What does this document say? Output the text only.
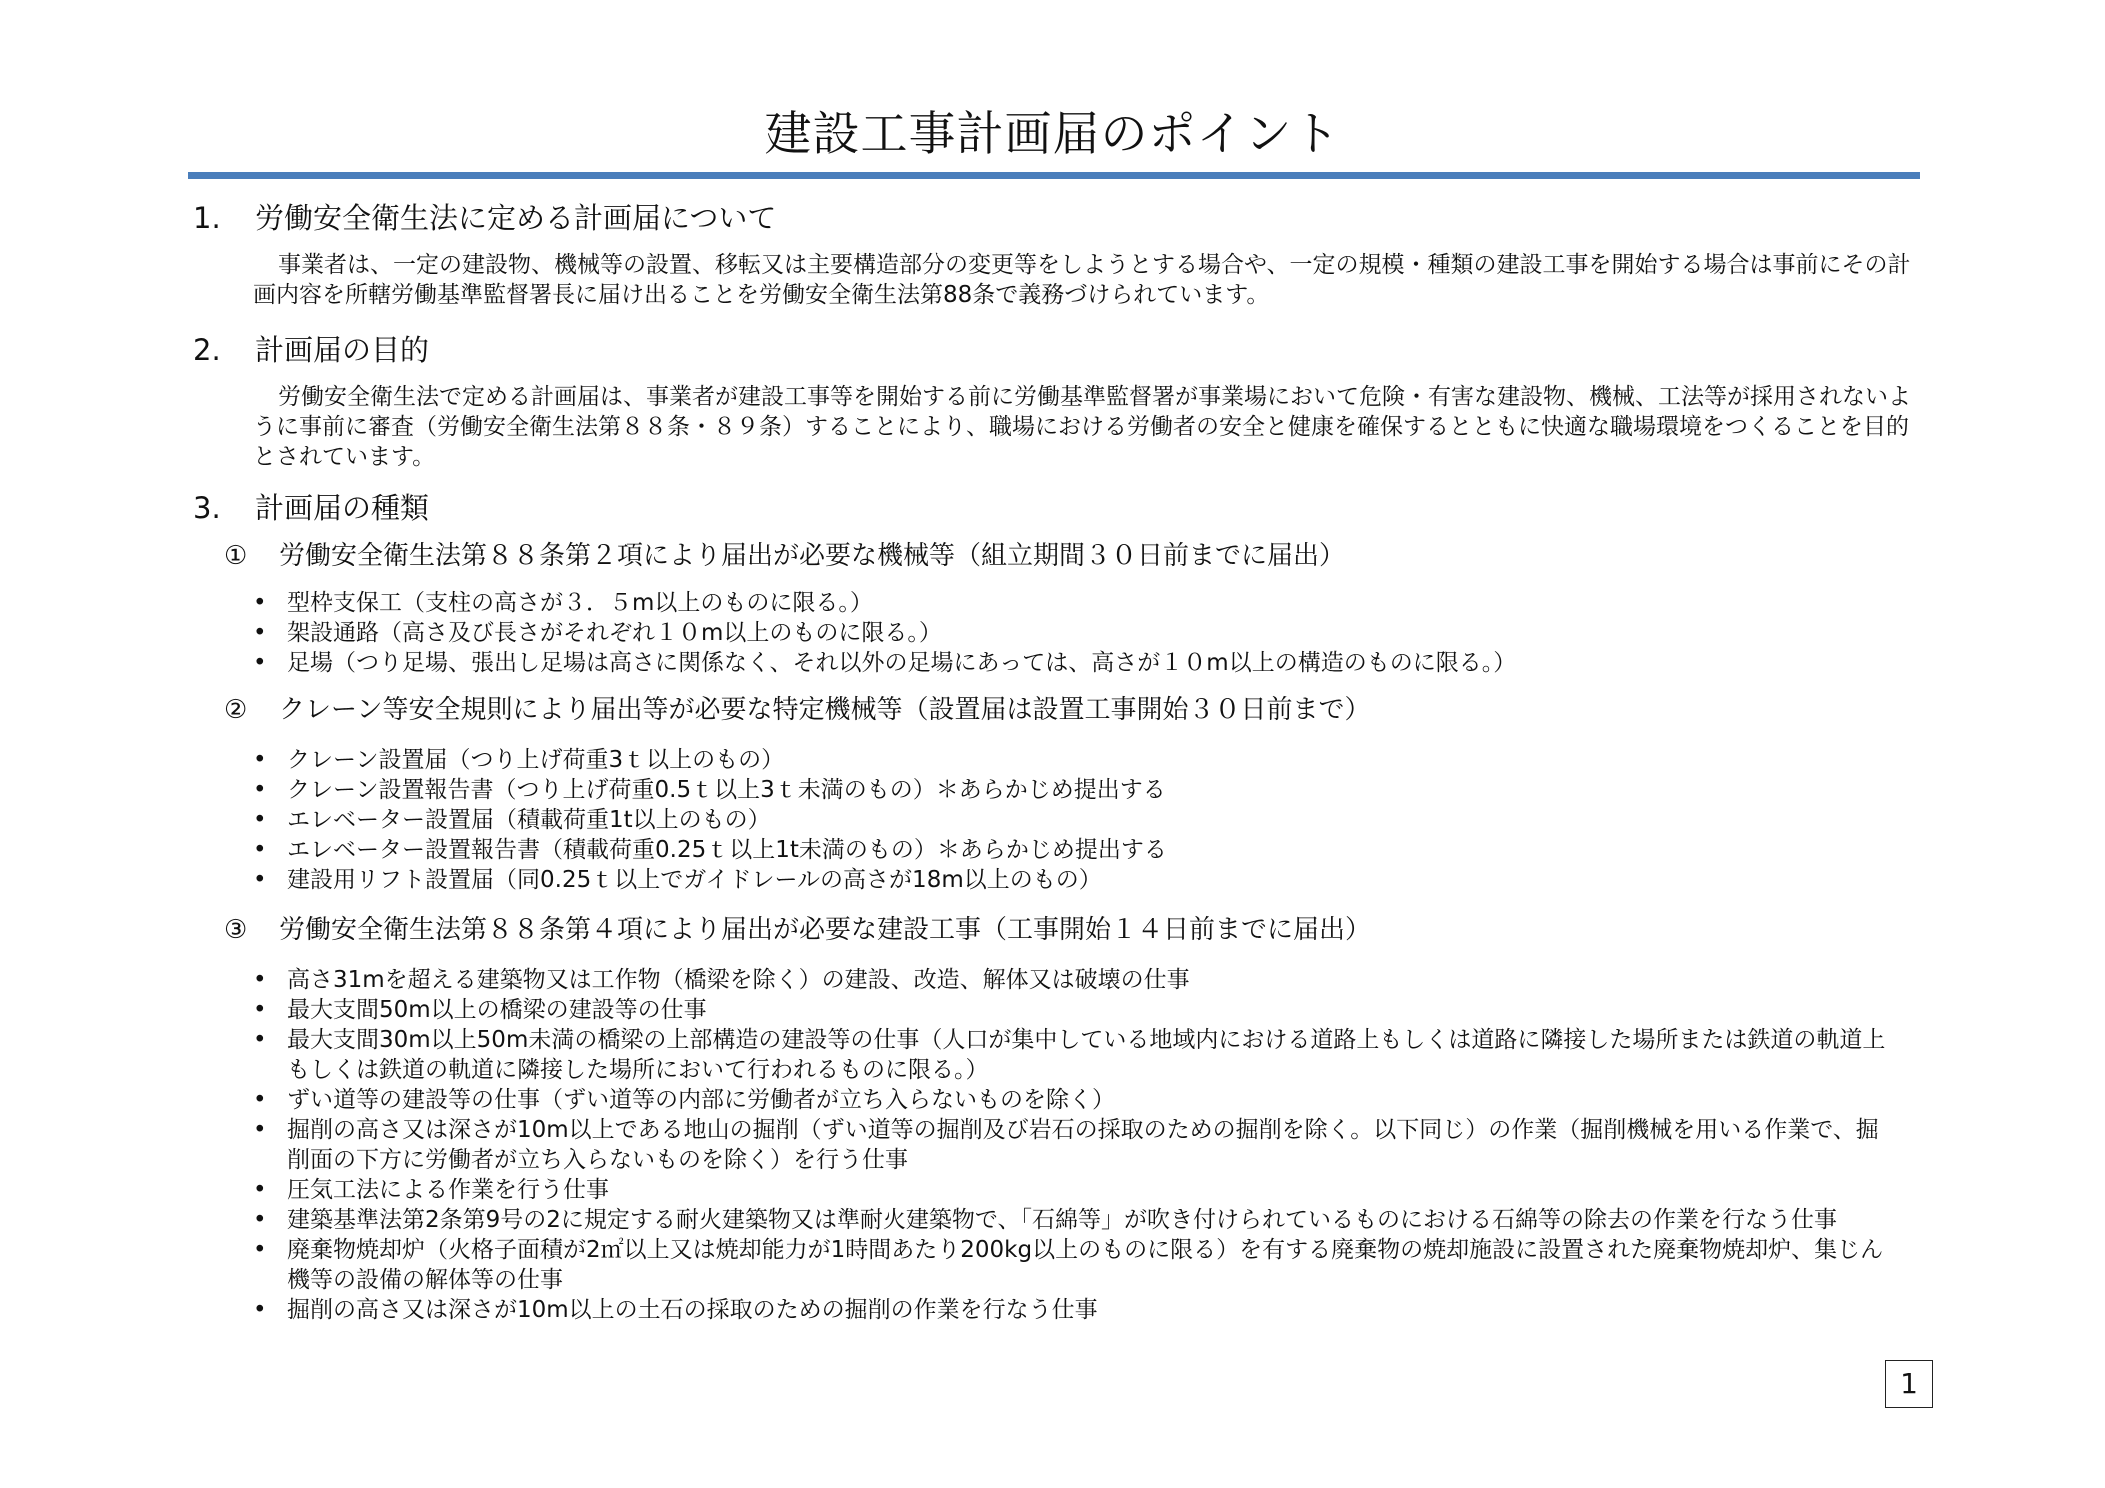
建設工事計画届のポイント
1. 労働安全衛生法に定める計画届について

事業者は、一定の建設物、機械等の設置、移転又は主要構造部分の変更等をしようとする場合や、一定の規模・種類の建設工事を開始する場合は事前にその計画内容を所轄労働基準監督署長に届け出ることを労働安全衛生法第88条で義務づけられています。

2. 計画届の目的

労働安全衛生法で定める計画届は、事業者が建設工事等を開始する前に労働基準監督署が事業場において危険・有害な建設物、機械、工法等が採用されないように事前に審査（労働安全衛生法第８８条・８９条）することにより、職場における労働者の安全と健康を確保するとともに快適な職場環境をつくることを目的とされています。

3. 計画届の種類
① 労働安全衛生法第８８条第２項により届出が必要な機械等（組立期間３０日前までに届出）
• 型枠支保工（支柱の高さが３．５m以上のものに限る。）
• 架設通路（高さ及び長さがそれぞれ１０m以上のものに限る。）
• 足場（つり足場、張出し足場は高さに関係なく、それ以外の足場にあっては、高さが１０m以上の構造のものに限る。）
② クレーン等安全規則により届出等が必要な特定機械等（設置届は設置工事開始３０日前まで）
• クレーン設置届（つり上げ荷重3ｔ以上のもの）
• クレーン設置報告書（つり上げ荷重0.5ｔ以上3ｔ未満のもの）＊あらかじめ提出する
• エレベーター設置届（積載荷重1t以上のもの）
• エレベーター設置報告書（積載荷重0.25ｔ以上1t未満のもの）＊あらかじめ提出する
• 建設用リフト設置届（同0.25ｔ以上でガイドレールの高さが18m以上のもの）
③ 労働安全衛生法第８８条第４項により届出が必要な建設工事（工事開始１４日前までに届出）
• 高さ31mを超える建築物又は工作物（橋梁を除く）の建設、改造、解体又は破壊の仕事
• 最大支間50m以上の橋梁の建設等の仕事
• 最大支間30m以上50m未満の橋梁の上部構造の建設等の仕事（人口が集中している地域内における道路上もしくは道路に隣接した場所または鉄道の軌道上もしくは鉄道の軌道に隣接した場所において行われるものに限る。）
• ずい道等の建設等の仕事（ずい道等の内部に労働者が立ち入らないものを除く）
• 掘削の高さ又は深さが10m以上である地山の掘削（ずい道等の掘削及び岩石の採取のための掘削を除く。以下同じ）の作業（掘削機械を用いる作業で、掘削面の下方に労働者が立ち入らないものを除く）を行う仕事
• 圧気工法による作業を行う仕事
• 建築基準法第2条第9号の2に規定する耐火建築物又は準耐火建築物で、「石綿等」が吹き付けられているものにおける石綿等の除去の作業を行なう仕事
• 廃棄物焼却炉（火格子面積が2㎡以上又は焼却能力が1時間あたり200kg以上のものに限る）を有する廃棄物の焼却施設に設置された廃棄物焼却炉、集じん機等の設備の解体等の仕事
• 掘削の高さ又は深さが10m以上の土石の採取のための掘削の作業を行なう仕事
1
